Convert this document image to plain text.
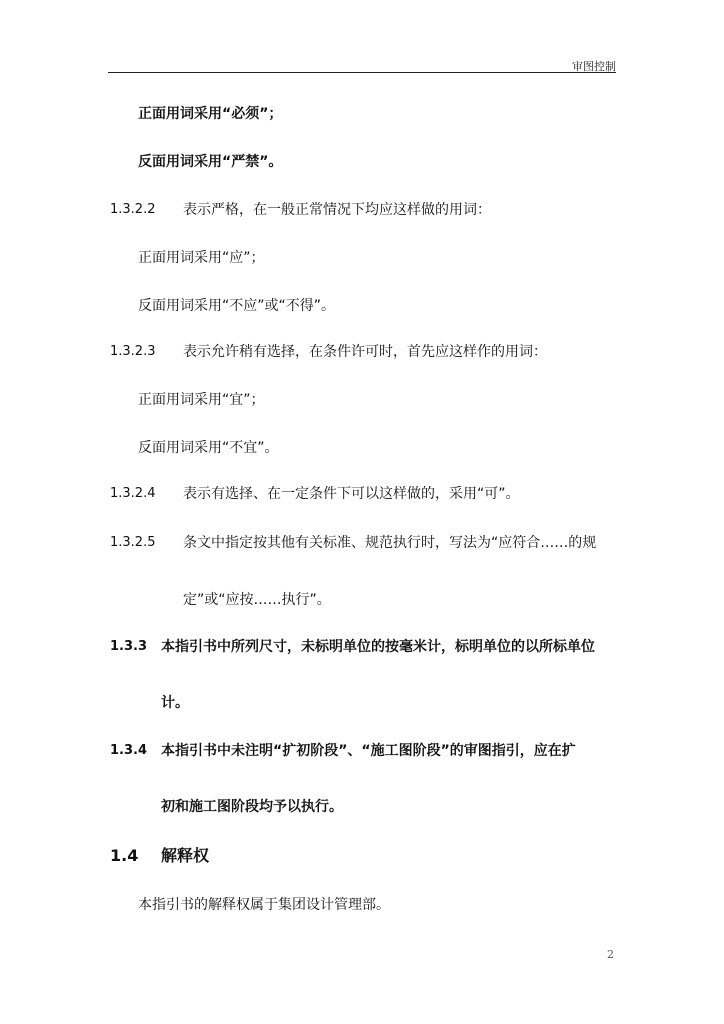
审图控制
正面用词采用“必须”；
反面用词采用“严禁”。
1.3.2.2 表示严格，在一般正常情况下均应这样做的用词：
正面用词采用“应”；
反面用词采用“不应”或“不得”。
1.3.2.3 表示允许稍有选择，在条件许可时，首先应这样作的用词：
正面用词采用“宜”；
反面用词采用“不宜”。
1.3.2.4 表示有选择、在一定条件下可以这样做的，采用“可”。
1.3.2.5 条文中指定按其他有关标准、规范执行时，写法为“应符合……的规
定”或“应按……执行”。
1.3.3 本指引书中所列尺寸，未标明单位的按毫米计，标明单位的以所标单位
计。
1.3.4 本指引书中未注明“扩初阶段”、“施工图阶段”的审图指引，应在扩
初和施工图阶段均予以执行。
1.4 解释权
本指引书的解释权属于集团设计管理部。
2
